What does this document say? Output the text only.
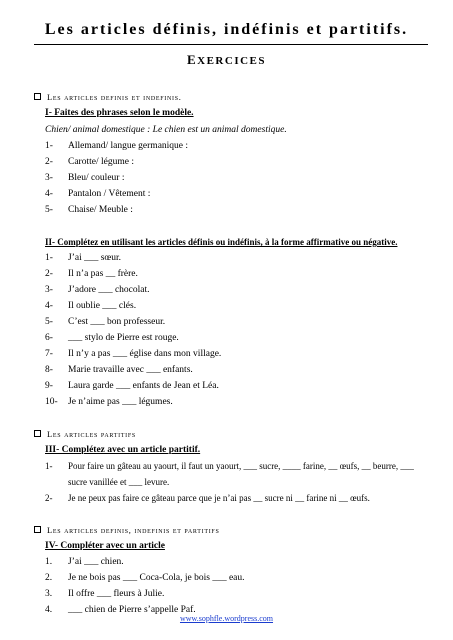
Les articles définis, indéfinis et partitifs.
EXERCICES
Les articles definis et indefinis.
I- Faites des phrases selon le modèle.
Chien/ animal domestique : Le chien est un animal domestique.
1- Allemand/ langue germanique :
2- Carotte/ légume :
3- Bleu/ couleur :
4- Pantalon / Vêtement :
5- Chaise/ Meuble :
II- Complétez en utilisant les articles définis ou indéfinis, à la forme affirmative ou négative.
1- J’ai ___ sœur.
2- Il n’a pas __ frère.
3- J’adore ___ chocolat.
4- Il oublie ___ clés.
5- C’est ___ bon professeur.
6- ___ stylo de Pierre est rouge.
7- Il n’y a pas ___ église dans mon village.
8- Marie travaille avec ___ enfants.
9- Laura garde ___ enfants de Jean et Léa.
10- Je n’aime pas ___ légumes.
Les articles partitifs
III- Complétez avec un article partitif.
1- Pour faire un gâteau au yaourt, il faut un yaourt, ___ sucre, ____ farine, __ œufs, __ beurre, ___
sucre vanillée et ___ levure.
2- Je ne peux pas faire ce gâteau parce que je n’ai pas __ sucre ni __ farine ni __ œufs.
Les articles definis, indefinis et partitifs
IV- Compléter avec un article
1. J’ai ___ chien.
2. Je ne bois pas ___ Coca-Cola, je bois ___ eau.
3. Il offre ___ fleurs à Julie.
4. ___ chien de Pierre s’appelle Paf.
www.sophfle.wordpress.com
